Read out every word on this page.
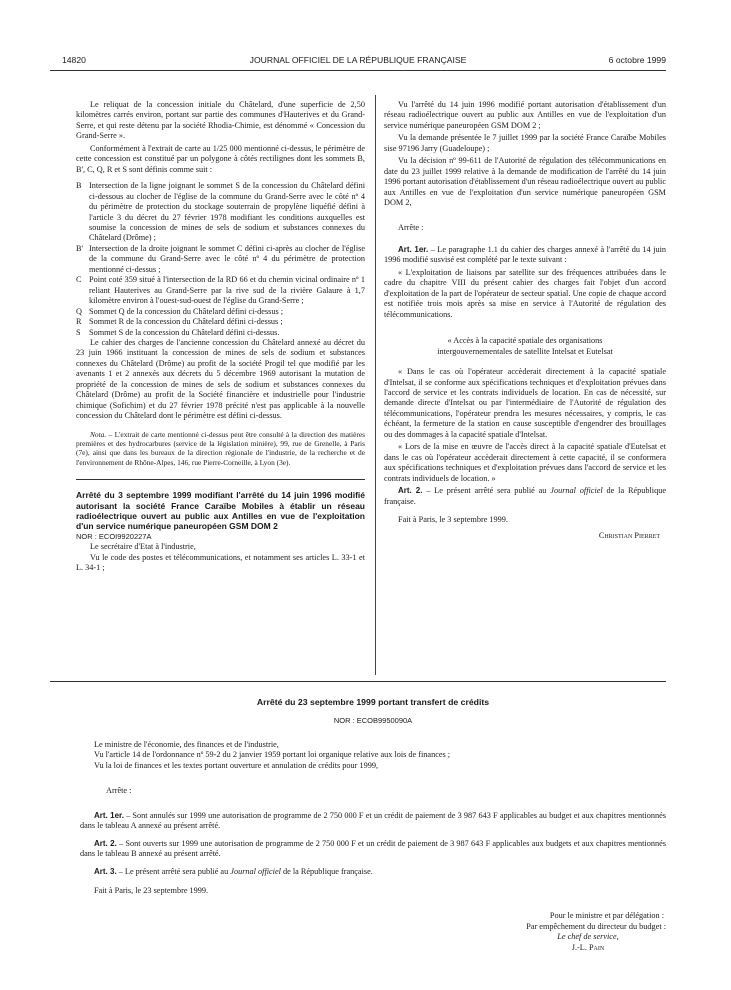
14820	JOURNAL OFFICIEL DE LA RÉPUBLIQUE FRANÇAISE	6 octobre 1999

Le reliquat de la concession initiale du Châtelard, d'une superficie de 2,50 kilomètres carrés environ, portant sur partie des communes d'Hauterives et du Grand-Serre, et qui reste détenu par la société Rhodia-Chimie, est dénommé « Concession du Grand-Serre ».

Conformément à l'extrait de carte au 1/25 000 mentionné ci-dessus, le périmètre de cette concession est constitué par un polygone à côtés rectilignes dont les sommets B, B', C, Q, R et S sont définis comme suit :

B Intersection de la ligne joignant le sommet S de la concession du Châtelard défini ci-dessous au clocher de l'église de la commune du Grand-Serre avec le côté nº 4 du périmètre de protection du stockage souterrain de propylène liquéfié défini à l'article 3 du décret du 27 février 1978 modifiant les conditions auxquelles est soumise la concession de mines de sels de sodium et substances connexes du Châtelard (Drôme) ;

B' Intersection de la droite joignant le sommet C défini ci-après au clocher de l'église de la commune du Grand-Serre avec le côté nº 4 du périmètre de protection mentionné ci-dessus ;

C Point coté 359 situé à l'intersection de la RD 66 et du chemin vicinal ordinaire nº 1 reliant Hauterives au Grand-Serre par la rive sud de la rivière Galaure à 1,7 kilomètre environ à l'ouest-sud-ouest de l'église du Grand-Serre ;

Q Sommet Q de la concession du Châtelard défini ci-dessus ;

R Sommet R de la concession du Châtelard défini ci-dessus ;

S Sommet S de la concession du Châtelard défini ci-dessus.

Le cahier des charges de l'ancienne concession du Châtelard annexé au décret du 23 juin 1966 instituant la concession de mines de sels de sodium et substances connexes du Châtelard (Drôme) au profit de la société Progil tel que modifié par les avenants 1 et 2 annexés aux décrets du 5 décembre 1969 autorisant la mutation de propriété de la concession de mines de sels de sodium et substances connexes du Châtelard (Drôme) au profit de la Société financière et industrielle pour l'industrie chimique (Sofichim) et du 27 février 1978 précité n'est pas applicable à la nouvelle concession du Châtelard dont le périmètre est défini ci-dessus.

Nota. – L'extrait de carte mentionné ci-dessus peut être consulté à la direction des matières premières et des hydrocarbures (service de la législation minière), 99, rue de Grenelle, à Paris (7e), ainsi que dans les bureaux de la direction régionale de l'industrie, de la recherche et de l'environnement de Rhône-Alpes, 146, rue Pierre-Corneille, à Lyon (3e).

Arrêté du 3 septembre 1999 modifiant l'arrêté du 14 juin 1996 modifié autorisant la société France Caraïbe Mobiles à établir un réseau radioélectrique ouvert au public aux Antilles en vue de l'exploitation d'un service numérique paneuropéen GSM DOM 2

NOR : ECOI9920227A

Le secrétaire d'Etat à l'industrie,

Vu le code des postes et télécommunications, et notamment ses articles L. 33-1 et L. 34-1 ;

Vu l'arrêté du 14 juin 1996 modifié portant autorisation d'établissement d'un réseau radioélectrique ouvert au public aux Antilles en vue de l'exploitation d'un service numérique paneuropéen GSM DOM 2 ;

Vu la demande présentée le 7 juillet 1999 par la société France Caraïbe Mobiles sise 97196 Jarry (Guadeloupe) ;

Vu la décision nº 99-611 de l'Autorité de régulation des télécommunications en date du 23 juillet 1999 relative à la demande de modification de l'arrêté du 14 juin 1996 portant autorisation d'établissement d'un réseau radioélectrique ouvert au public aux Antilles en vue de l'exploitation d'un service numérique paneuropéen GSM DOM 2,

Arrête :

Art. 1er. – Le paragraphe 1.1 du cahier des charges annexé à l'arrêté du 14 juin 1996 modifié susvisé est complété par le texte suivant :

« L'exploitation de liaisons par satellite sur des fréquences attribuées dans le cadre du chapitre VIII du présent cahier des charges fait l'objet d'un accord d'exploitation de la part de l'opérateur de secteur spatial. Une copie de chaque accord est notifiée trois mois après sa mise en service à l'Autorité de régulation des télécommunications.

« Accès à la capacité spatiale des organisations

intergouvernementales de satellite Intelsat et Eutelsat

« Dans le cas où l'opérateur accèderait directement à la capacité spatiale d'Intelsat, il se conforme aux spécifications techniques et d'exploitation prévues dans l'accord de service et les contrats individuels de location. En cas de nécessité, sur demande directe d'Intelsat ou par l'intermédiaire de l'Autorité de régulation des télécommunications, l'opérateur prendra les mesures nécessaires, y compris, le cas échéant, la fermeture de la station en cause susceptible d'engendrer des brouillages ou des dommages à la capacité spatiale d'Intelsat.

« Lors de la mise en œuvre de l'accès direct à la capacité spatiale d'Eutelsat et dans le cas où l'opérateur accèderait directement à cette capacité, il se conformera aux spécifications techniques et d'exploitation prévues dans l'accord de service et les contrats individuels de location. »

Art. 2. – Le présent arrêté sera publié au Journal officiel de la République française.

Fait à Paris, le 3 septembre 1999.

Christian Pierret

Arrêté du 23 septembre 1999 portant transfert de crédits
NOR : ECOB9950090A

Le ministre de l'économie, des finances et de l'industrie,

Vu l'article 14 de l'ordonnance nº 59-2 du 2 janvier 1959 portant loi organique relative aux lois de finances ;

Vu la loi de finances et les textes portant ouverture et annulation de crédits pour 1999,

Arrête :

Art. 1er. – Sont annulés sur 1999 une autorisation de programme de 2 750 000 F et un crédit de paiement de 3 987 643 F applicables au budget et aux chapitres mentionnés dans le tableau A annexé au présent arrêté.

Art. 2. – Sont ouverts sur 1999 une autorisation de programme de 2 750 000 F et un crédit de paiement de 3 987 643 F applicables aux budgets et aux chapitres mentionnés dans le tableau B annexé au présent arrêté.

Art. 3. – Le présent arrêté sera publié au Journal officiel de la République française.

Fait à Paris, le 23 septembre 1999.

Pour le ministre et par délégation :
Par empêchement du directeur du budget :
Le chef de service,
J.-L. Pain
